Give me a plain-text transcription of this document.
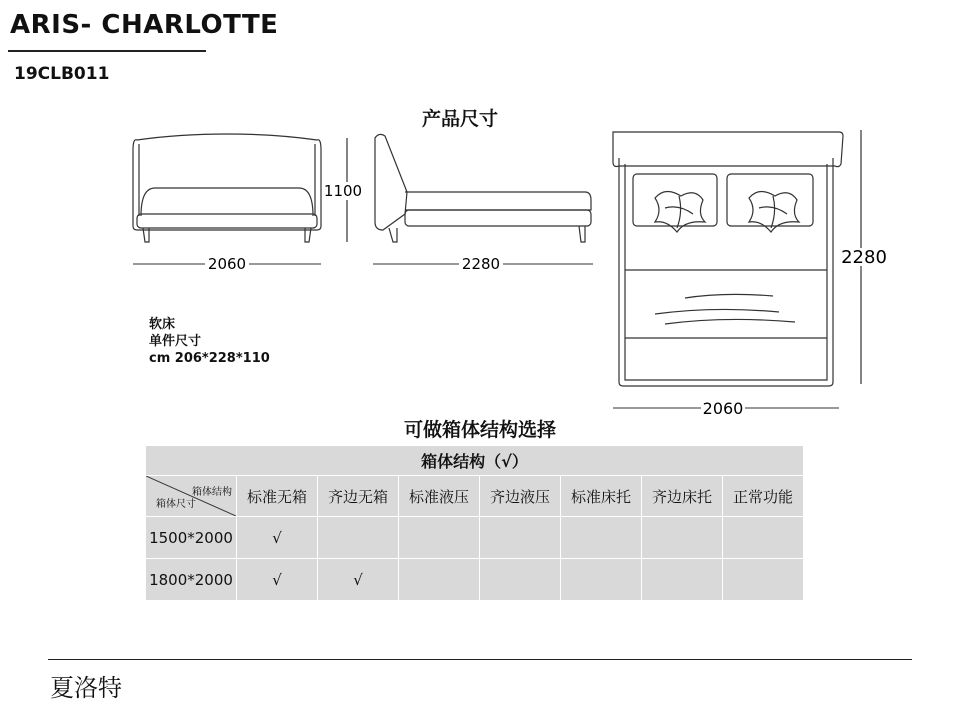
ARIS- CHARLOTTE
19CLB011
产品尺寸
2060
1100
2280
2060
2280
软床
单件尺寸
cm 206*228*110
可做箱体结构选择
箱体结构（√）							

箱体结构
箱体尺寸	标准无箱	齐边无箱	标准液压	齐边液压	标准床托	齐边床托	正常功能
1500*2000	√						
1800*2000	√	√					
夏洛特
